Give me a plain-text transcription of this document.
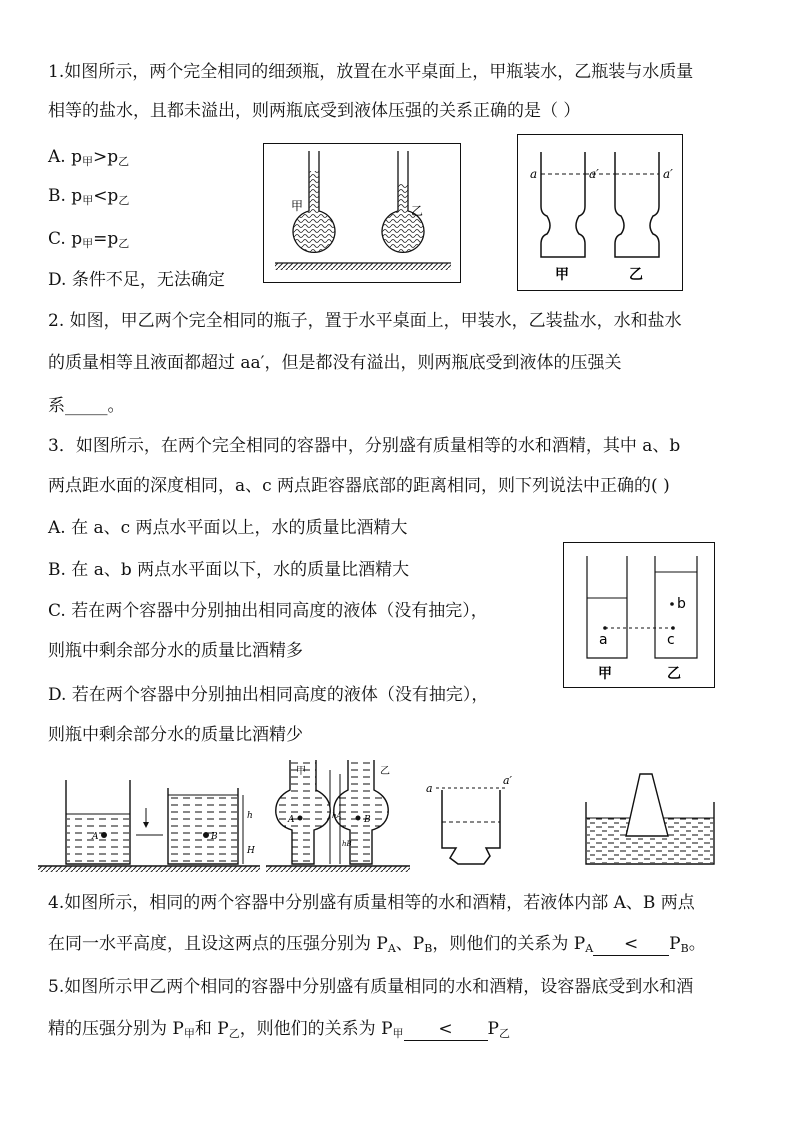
1.如图所示，两个完全相同的细颈瓶，放置在水平桌面上，甲瓶装水，乙瓶装与水质量
相等的盐水，且都未溢出，则两瓶底受到液体压强的关系正确的是（ ）
A. $p_甲>p_乙$
B. $p_甲<p_乙$
C. $p_甲=p_乙$
D. 条件不足，无法确定
甲	乙
a	a′	a′
甲	乙
2. 如图，甲乙两个完全相同的瓶子，置于水平桌面上，甲装水，乙装盐水，水和盐水
的质量相等且液面都超过 aa′，但是都没有溢出，则两瓶底受到液体的压强关
系_____。
3．如图所示，在两个完全相同的容器中，分别盛有质量相等的水和酒精，其中 a、b
两点距水面的深度相同，a、c 两点距容器底部的距离相同，则下列说法中正确的( )
A. 在 a、c 两点水平面以上，水的质量比酒精大
B. 在 a、b 两点水平面以下，水的质量比酒精大
C. 若在两个容器中分别抽出相同高度的液体（没有抽完），
则瓶中剩余部分水的质量比酒精多
D. 若在两个容器中分别抽出相同高度的液体（没有抽完），
则瓶中剩余部分水的质量比酒精少
a
b
c
甲	乙
A	B
h
H
甲	乙
A	B
hA
hB
a
a′
4.如图所示，相同的两个容器中分别盛有质量相等的水和酒精，若液体内部 A、B 两点
在同一水平高度，且设这两点的压强分别为 $P_A$、$P_B$，则他们的关系为 $P_A < P_B$。
5.如图所示甲乙两个相同的容器中分别盛有质量相同的水和酒精，设容器底受到水和酒
精的压强分别为 $P_甲$和 $P_乙$，则他们的关系为 $P_甲 < P_乙$
